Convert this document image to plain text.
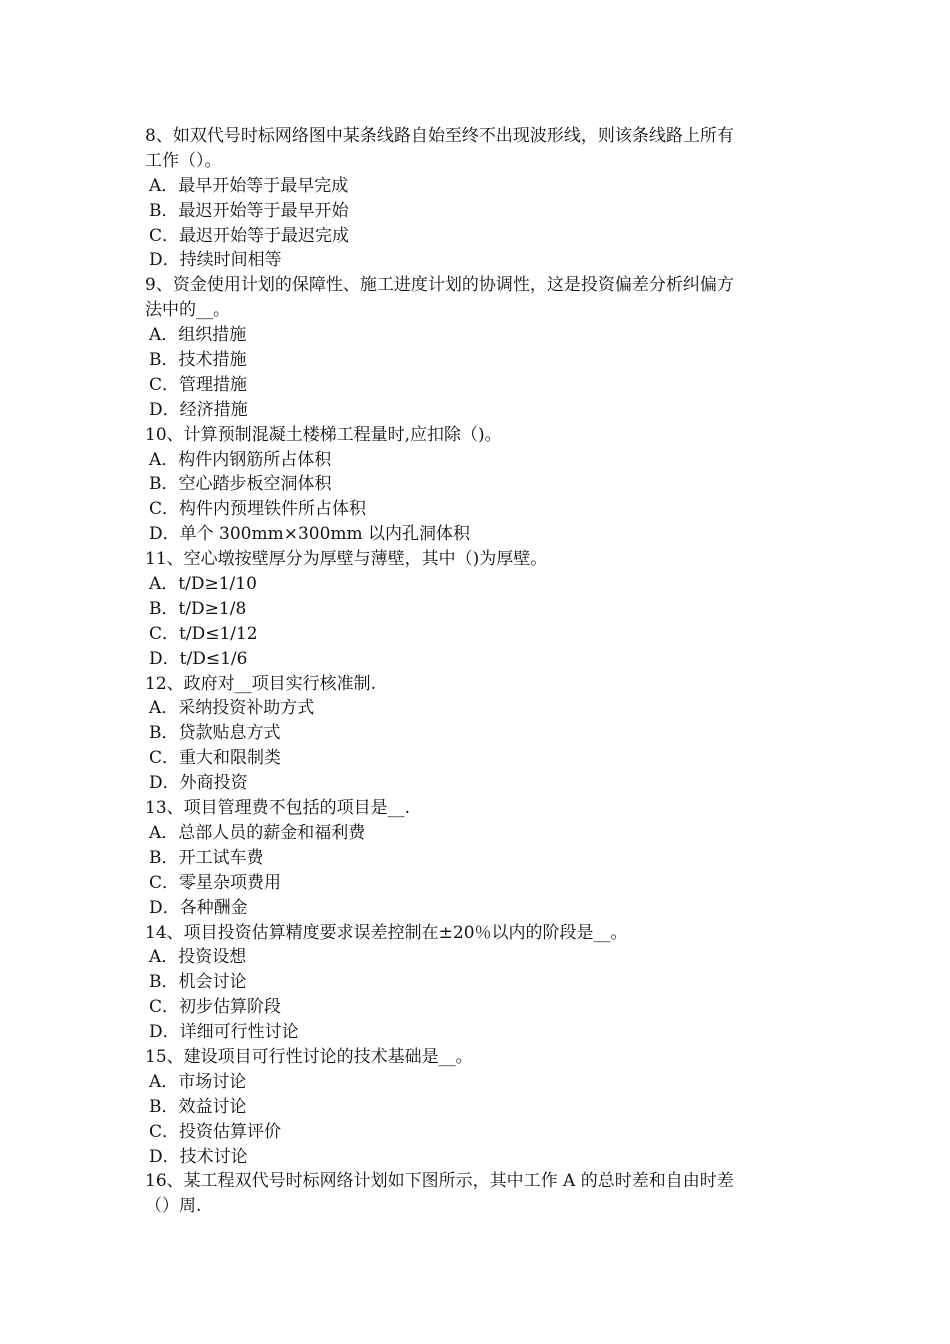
8、如双代号时标网络图中某条线路自始至终不出现波形线，则该条线路上所有
工作（）。
A．最早开始等于最早完成
B．最迟开始等于最早开始
C．最迟开始等于最迟完成
D．持续时间相等
9、资金使用计划的保障性、施工进度计划的协调性，这是投资偏差分析纠偏方
法中的__。
A．组织措施
B．技术措施
C．管理措施
D．经济措施
10、计算预制混凝土楼梯工程量时,应扣除（)。
A．构件内钢筋所占体积
B．空心踏步板空洞体积
C．构件内预埋铁件所占体积
D．单个 300mm×300mm 以内孔洞体积
11、空心墩按壁厚分为厚壁与薄壁，其中（)为厚壁。
A．t/D≥1/10
B．t/D≥1/8
C．t/D≤1/12
D．t/D≤1/6
12、政府对__项目实行核准制.
A．采纳投资补助方式
B．贷款贴息方式
C．重大和限制类
D．外商投资
13、项目管理费不包括的项目是__.
A．总部人员的薪金和福利费
B．开工试车费
C．零星杂项费用
D．各种酬金
14、项目投资估算精度要求误差控制在±20％以内的阶段是__。
A．投资设想
B．机会讨论
C．初步估算阶段
D．详细可行性讨论
15、建设项目可行性讨论的技术基础是__。
A．市场讨论
B．效益讨论
C．投资估算评价
D．技术讨论
16、某工程双代号时标网络计划如下图所示，其中工作 A 的总时差和自由时差
（）周.
